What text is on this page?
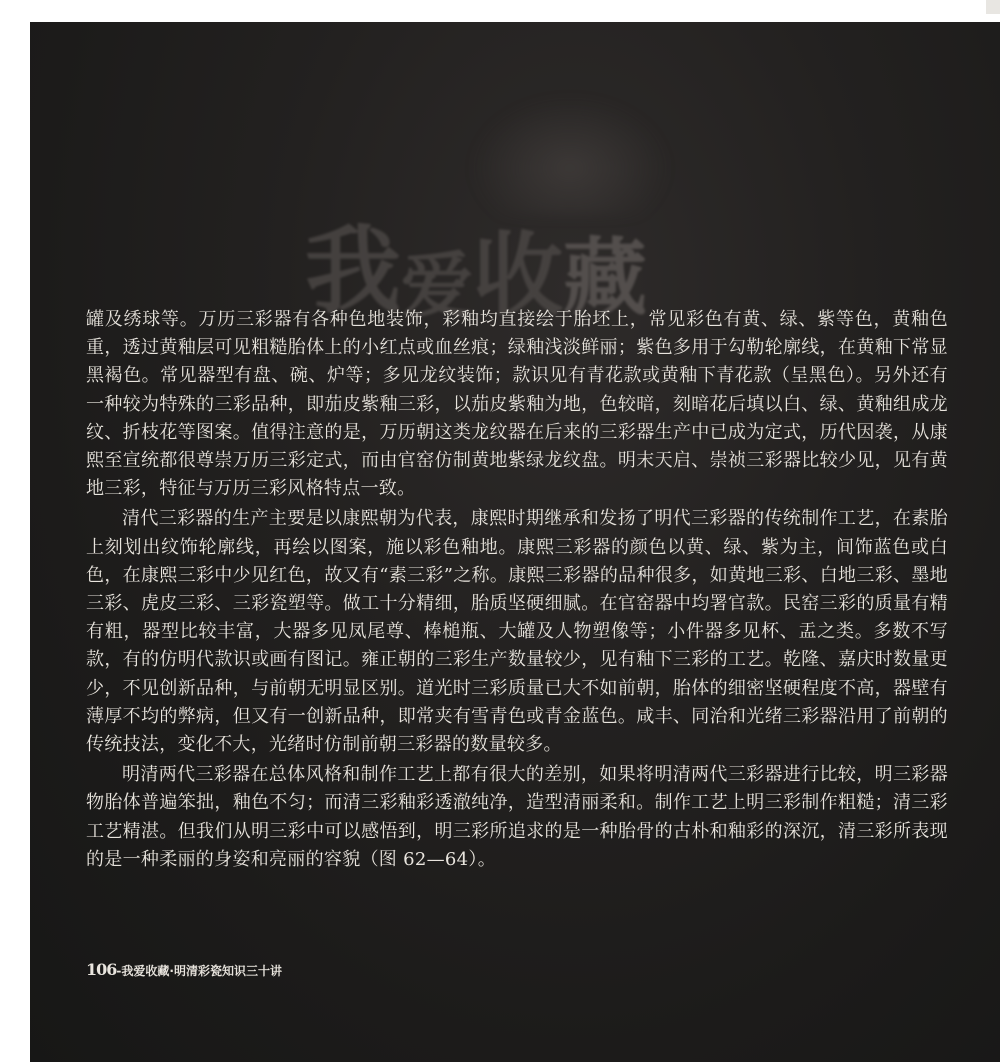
我爱收藏

罐及绣球等。万历三彩器有各种色地装饰，彩釉均直接绘于胎坯上，常见彩色有黄、绿、紫等色，黄釉色重，透过黄釉层可见粗糙胎体上的小红点或血丝痕；绿釉浅淡鲜丽；紫色多用于勾勒轮廓线，在黄釉下常显黑褐色。常见器型有盘、碗、炉等；多见龙纹装饰；款识见有青花款或黄釉下青花款（呈黑色）。另外还有一种较为特殊的三彩品种，即茄皮紫釉三彩，以茄皮紫釉为地，色较暗，刻暗花后填以白、绿、黄釉组成龙纹、折枝花等图案。值得注意的是，万历朝这类龙纹器在后来的三彩器生产中已成为定式，历代因袭，从康熙至宣统都很尊崇万历三彩定式，而由官窑仿制黄地紫绿龙纹盘。明末天启、崇祯三彩器比较少见，见有黄地三彩，特征与万历三彩风格特点一致。

清代三彩器的生产主要是以康熙朝为代表，康熙时期继承和发扬了明代三彩器的传统制作工艺，在素胎上刻划出纹饰轮廓线，再绘以图案，施以彩色釉地。康熙三彩器的颜色以黄、绿、紫为主，间饰蓝色或白色，在康熙三彩中少见红色，故又有“素三彩”之称。康熙三彩器的品种很多，如黄地三彩、白地三彩、墨地三彩、虎皮三彩、三彩瓷塑等。做工十分精细，胎质坚硬细腻。在官窑器中均署官款。民窑三彩的质量有精有粗，器型比较丰富，大器多见凤尾尊、棒槌瓶、大罐及人物塑像等；小件器多见杯、盂之类。多数不写款，有的仿明代款识或画有图记。雍正朝的三彩生产数量较少，见有釉下三彩的工艺。乾隆、嘉庆时数量更少，不见创新品种，与前朝无明显区别。道光时三彩质量已大不如前朝，胎体的细密坚硬程度不高，器壁有薄厚不均的弊病，但又有一创新品种，即常夹有雪青色或青金蓝色。咸丰、同治和光绪三彩器沿用了前朝的传统技法，变化不大，光绪时仿制前朝三彩器的数量较多。

明清两代三彩器在总体风格和制作工艺上都有很大的差别，如果将明清两代三彩器进行比较，明三彩器物胎体普遍笨拙，釉色不匀；而清三彩釉彩透澈纯净，造型清丽柔和。制作工艺上明三彩制作粗糙；清三彩工艺精湛。但我们从明三彩中可以感悟到，明三彩所追求的是一种胎骨的古朴和釉彩的深沉，清三彩所表现的是一种柔丽的身姿和亮丽的容貌（图 62—64）。

106-我爱收藏·明清彩瓷知识三十讲
